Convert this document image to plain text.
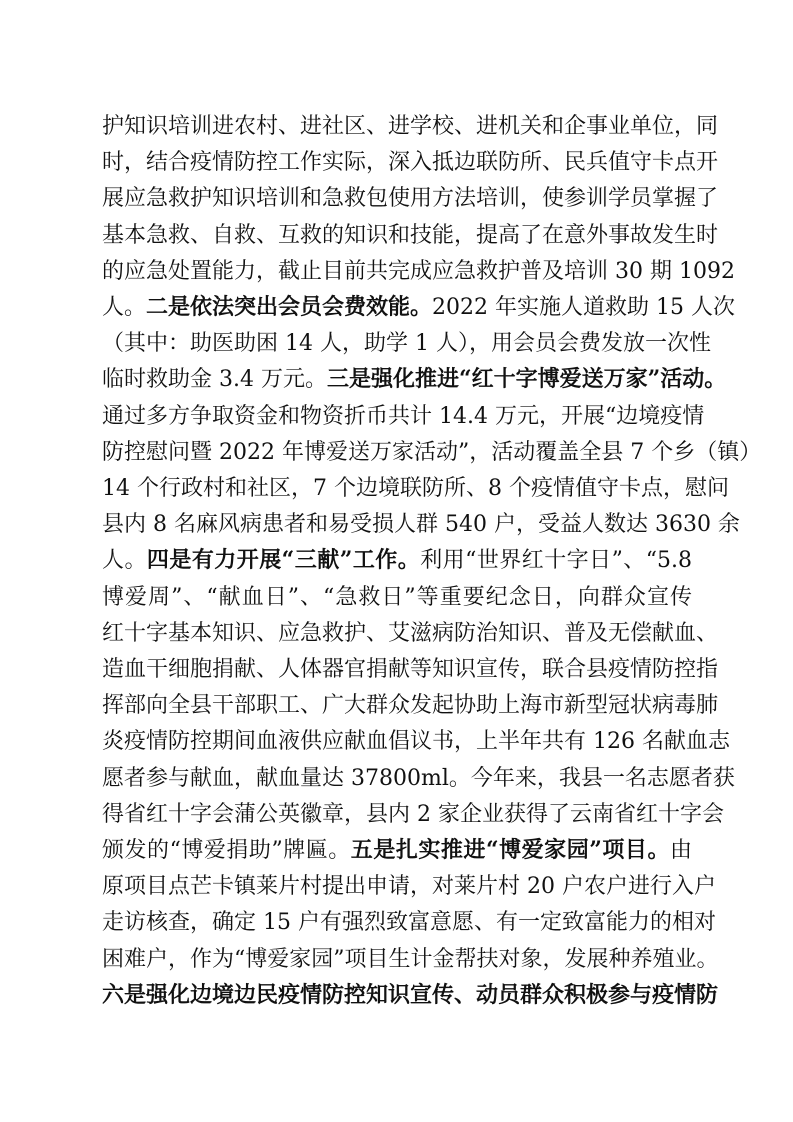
护知识培训进农村、进社区、进学校、进机关和企事业单位，同
时，结合疫情防控工作实际，深入抵边联防所、民兵值守卡点开
展应急救护知识培训和急救包使用方法培训，使参训学员掌握了
基本急救、自救、互救的知识和技能，提高了在意外事故发生时
的应急处置能力，截止目前共完成应急救护普及培训 30 期 1092
人。二是依法突出会员会费效能。2022 年实施人道救助 15 人次
（其中：助医助困 14 人，助学 1 人），用会员会费发放一次性
临时救助金 3.4 万元。三是强化推进“红十字博爱送万家”活动。
通过多方争取资金和物资折币共计 14.4 万元，开展“边境疫情
防控慰问暨 2022 年博爱送万家活动”，活动覆盖全县 7 个乡（镇）
14 个行政村和社区，7 个边境联防所、8 个疫情值守卡点，慰问
县内 8 名麻风病患者和易受损人群 540 户，受益人数达 3630 余
人。四是有力开展“三献”工作。利用“世界红十字日”、“5.8
博爱周”、“献血日”、“急救日”等重要纪念日，向群众宣传
红十字基本知识、应急救护、艾滋病防治知识、普及无偿献血、
造血干细胞捐献、人体器官捐献等知识宣传，联合县疫情防控指
挥部向全县干部职工、广大群众发起协助上海市新型冠状病毒肺
炎疫情防控期间血液供应献血倡议书，上半年共有 126 名献血志
愿者参与献血，献血量达 37800ml。今年来，我县一名志愿者获
得省红十字会蒲公英徽章，县内 2 家企业获得了云南省红十字会
颁发的“博爱捐助”牌匾。五是扎实推进“博爱家园”项目。由
原项目点芒卡镇莱片村提出申请，对莱片村 20 户农户进行入户
走访核查，确定 15 户有强烈致富意愿、有一定致富能力的相对
困难户，作为“博爱家园”项目生计金帮扶对象，发展种养殖业。
六是强化边境边民疫情防控知识宣传、动员群众积极参与疫情防
